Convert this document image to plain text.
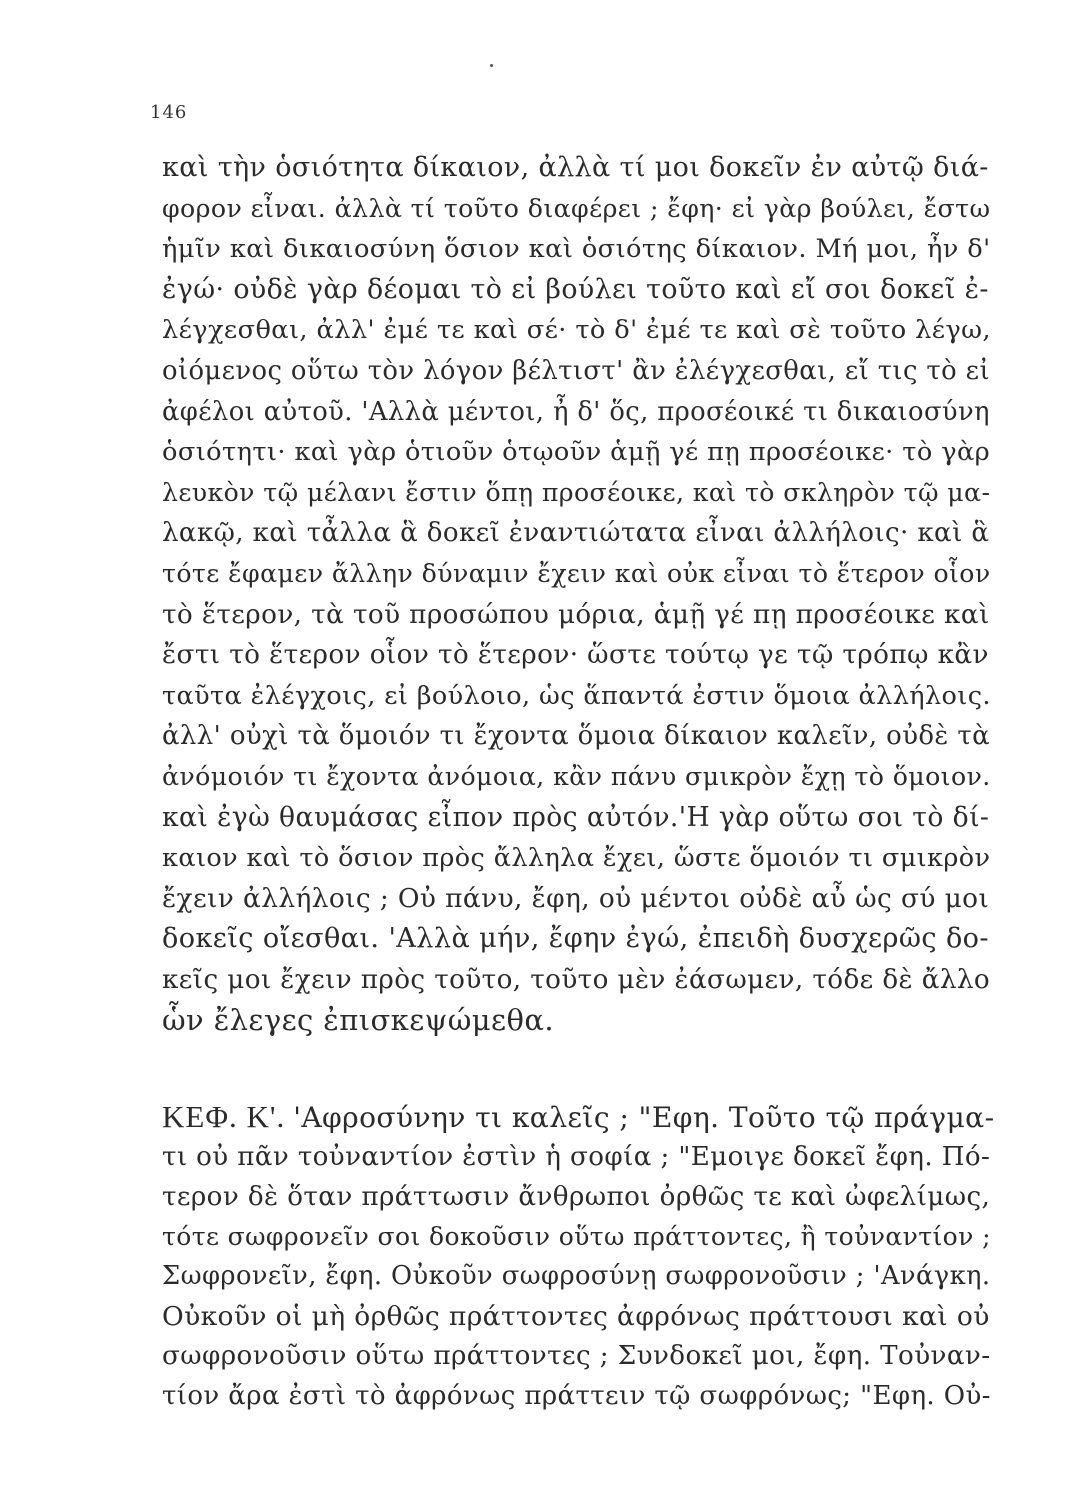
146
καὶ τὴν ὁσιότητα δίκαιον, ἀλλὰ τί μοι δοκεῖν ἐν αὐτῷ διά-
φορον εἶναι. ἀλλὰ τί τοῦτο διαφέρει ; ἔφη· εἰ γὰρ βούλει, ἔστω
ἡμῖν καὶ δικαιοσύνη ὅσιον καὶ ὁσιότης δίκαιον. Μή μοι, ἦν δ'
ἐγώ· οὐδὲ γὰρ δέομαι τὸ εἰ βούλει τοῦτο καὶ εἴ σοι δοκεῖ ἐ-
λέγχεσθαι, ἀλλ' ἐμέ τε καὶ σέ· τὸ δ' ἐμέ τε καὶ σὲ τοῦτο λέγω,
οἰόμενος οὕτω τὸν λόγον βέλτιστ' ἂν ἐλέγχεσθαι, εἴ τις τὸ εἰ
ἀφέλοι αὐτοῦ. 'Αλλὰ μέντοι, ἦ δ' ὅς, προσέοικέ τι δικαιοσύνη
ὁσιότητι· καὶ γὰρ ὁτιοῦν ὁτῳοῦν ἁμῇ γέ πῃ προσέοικε· τὸ γὰρ
λευκὸν τῷ μέλανι ἔστιν ὅπῃ προσέοικε, καὶ τὸ σκληρὸν τῷ μα-
λακῷ, καὶ τἆλλα ἃ δοκεῖ ἐναντιώτατα εἶναι ἀλλήλοις· καὶ ἃ
τότε ἔφαμεν ἄλλην δύναμιν ἔχειν καὶ οὐκ εἶναι τὸ ἕτερον οἷον
τὸ ἕτερον, τὰ τοῦ προσώπου μόρια, ἁμῇ γέ πῃ προσέοικε καὶ
ἔστι τὸ ἕτερον οἷον τὸ ἕτερον· ὥστε τούτῳ γε τῷ τρόπῳ κἂν
ταῦτα ἐλέγχοις, εἰ βούλοιο, ὡς ἅπαντά ἐστιν ὅμοια ἀλλήλοις.
ἀλλ' οὐχὶ τὰ ὅμοιόν τι ἔχοντα ὅμοια δίκαιον καλεῖν, οὐδὲ τὰ
ἀνόμοιόν τι ἔχοντα ἀνόμοια, κἂν πάνυ σμικρὸν ἔχῃ τὸ ὅμοιον.
καὶ ἐγὼ θαυμάσας εἶπον πρὸς αὐτόν.'Η γὰρ οὕτω σοι τὸ δί-
καιον καὶ τὸ ὅσιον πρὸς ἄλληλα ἔχει, ὥστε ὅμοιόν τι σμικρὸν
ἔχειν ἀλλήλοις ; Οὐ πάνυ, ἔφη, οὐ μέντοι οὐδὲ αὖ ὡς σύ μοι
δοκεῖς οἴεσθαι. 'Αλλὰ μήν, ἔφην ἐγώ, ἐπειδὴ δυσχερῶς δο-
κεῖς μοι ἔχειν πρὸς τοῦτο, τοῦτο μὲν ἐάσωμεν, τόδε δὲ ἄλλο
ὧν ἔλεγες ἐπισκεψώμεθα.
ΚΕΦ. Κ'. 'Αφροσύνην τι καλεῖς ; "Εφη. Τοῦτο τῷ πράγμα-
τι οὐ πᾶν τοὐναντίον ἐστὶν ἡ σοφία ; "Εμοιγε δοκεῖ ἔφη. Πό-
τερον δὲ ὅταν πράττωσιν ἄνθρωποι ὀρθῶς τε καὶ ὠφελίμως,
τότε σωφρονεῖν σοι δοκοῦσιν οὕτω πράττοντες, ἢ τοὐναντίον ;
Σωφρονεῖν, ἔφη. Οὐκοῦν σωφροσύνῃ σωφρονοῦσιν ; 'Ανάγκη.
Οὐκοῦν οἱ μὴ ὀρθῶς πράττοντες ἀφρόνως πράττουσι καὶ οὐ
σωφρονοῦσιν οὕτω πράττοντες ; Συνδοκεῖ μοι, ἔφη. Τοὐναν-
τίον ἄρα ἐστὶ τὸ ἀφρόνως πράττειν τῷ σωφρόνως; "Εφη. Οὐ-
